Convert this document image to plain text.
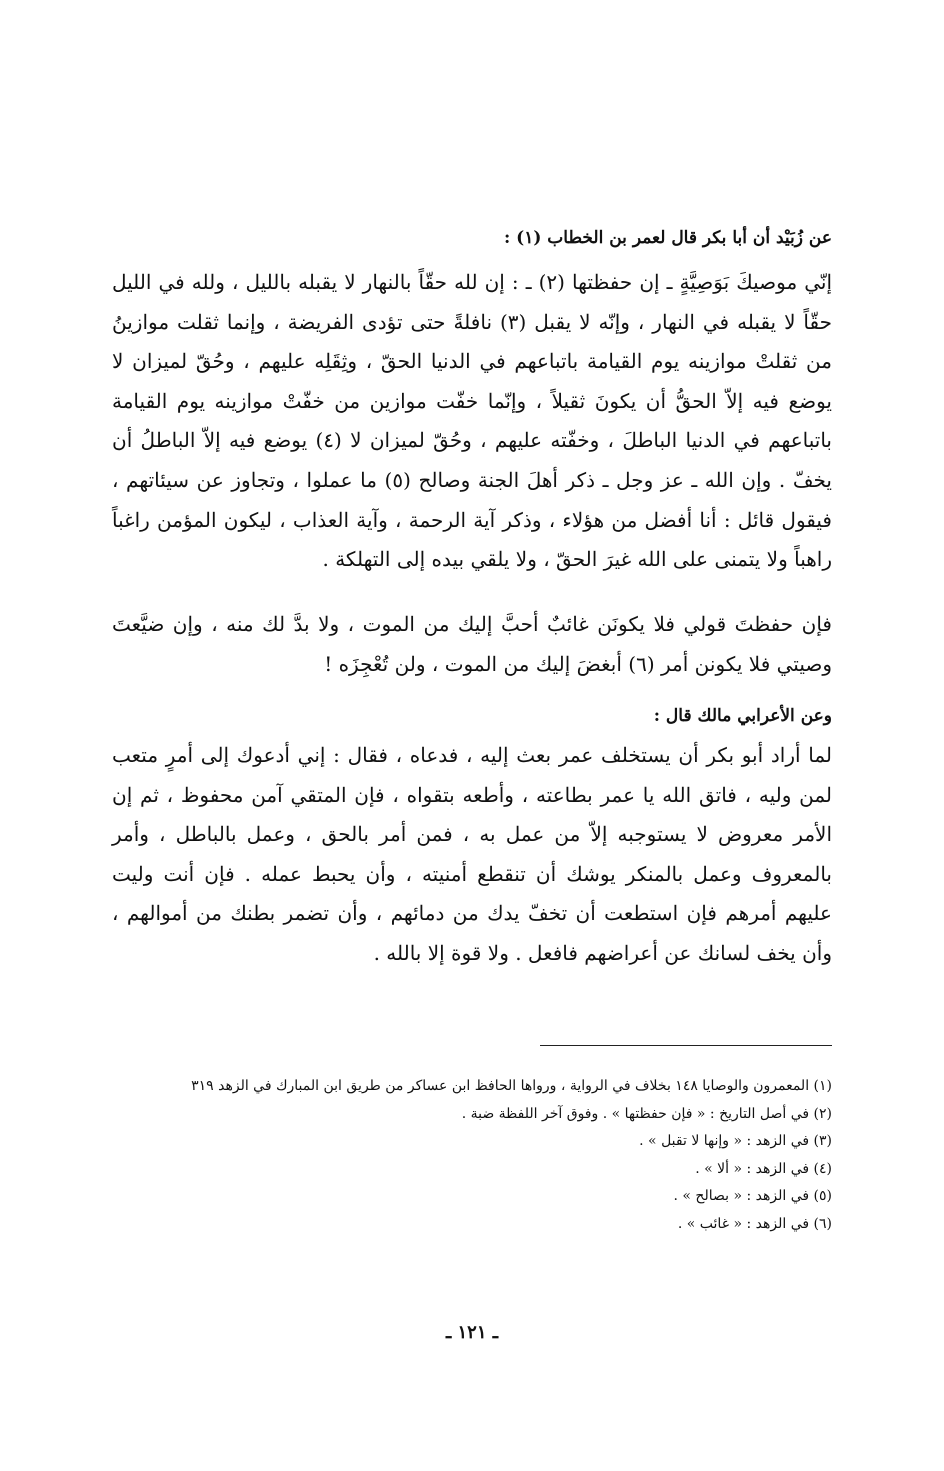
عن زُبَيْد أن أبا بكر قال لعمر بن الخطاب (١) :
إنّي موصيكَ بَوَصِيَّةٍ ـ إن حفظتها (٢) ـ : إن لله حقّاً بالنهار لا يقبله بالليل ، ولله في الليل حقّاً لا يقبله في النهار ، وإنّه لا يقبل (٣) نافلةً حتى تؤدى الفريضة ، وإنما ثقلت موازينُ من ثقلتْ موازينه يوم القيامة باتباعهم في الدنيا الحقّ ، وثِقَلِه عليهم ، وحُقّ لميزان لا يوضع فيه إلاّ الحقُّ أن يكونَ ثقيلاً ، وإنّما خفّت موازين من خفّتْ موازينه يوم القيامة باتباعهم في الدنيا الباطلَ ، وخفّته عليهم ، وحُقّ لميزان لا (٤) يوضع فيه إلاّ الباطلُ أن يخفّ . وإن الله ـ عز وجل ـ ذكر أهلَ الجنة وصالح (٥) ما عملوا ، وتجاوز عن سيئاتهم ، فيقول قائل : أنا أفضل من هؤلاء ، وذكر آية الرحمة ، وآية العذاب ، ليكون المؤمن راغباً راهباً ولا يتمنى على الله غيرَ الحقّ ، ولا يلقي بيده إلى التهلكة .
فإن حفظتَ قولي فلا يكونَن غائبٌ أحبَّ إليك من الموت ، ولا بدَّ لك منه ، وإن ضيَّعتَ وصيتي فلا يكونن أمر (٦) أبغضَ إليك من الموت ، ولن تُعْجِزَه !
وعن الأعرابي مالك قال :
لما أراد أبو بكر أن يستخلف عمر بعث إليه ، فدعاه ، فقال : إني أدعوك إلى أمرٍ متعب لمن وليه ، فاتق الله يا عمر بطاعته ، وأطعه بتقواه ، فإن المتقي آمن محفوظ ، ثم إن الأمر معروض لا يستوجبه إلاّ من عمل به ، فمن أمر بالحق ، وعمل بالباطل ، وأمر بالمعروف وعمل بالمنكر يوشك أن تنقطع أمنيته ، وأن يحبط عمله . فإن أنت وليت عليهم أمرهم فإن استطعت أن تخفّ يدك من دمائهم ، وأن تضمر بطنك من أموالهم ، وأن يخف لسانك عن أعراضهم فافعل . ولا قوة إلا بالله .
(١) المعمرون والوصايا ١٤٨ بخلاف في الرواية ، ورواها الحافظ ابن عساكر من طريق ابن المبارك في الزهد ٣١٩
(٢) في أصل التاريخ : « فإن حفظتها » . وفوق آخر اللفظة ضبة .
(٣) في الزهد : « وإنها لا تقبل » .
(٤) في الزهد : « ألا » .
(٥) في الزهد : « بصالح » .
(٦) في الزهد : « غائب » .
ـ ١٢١ ـ
